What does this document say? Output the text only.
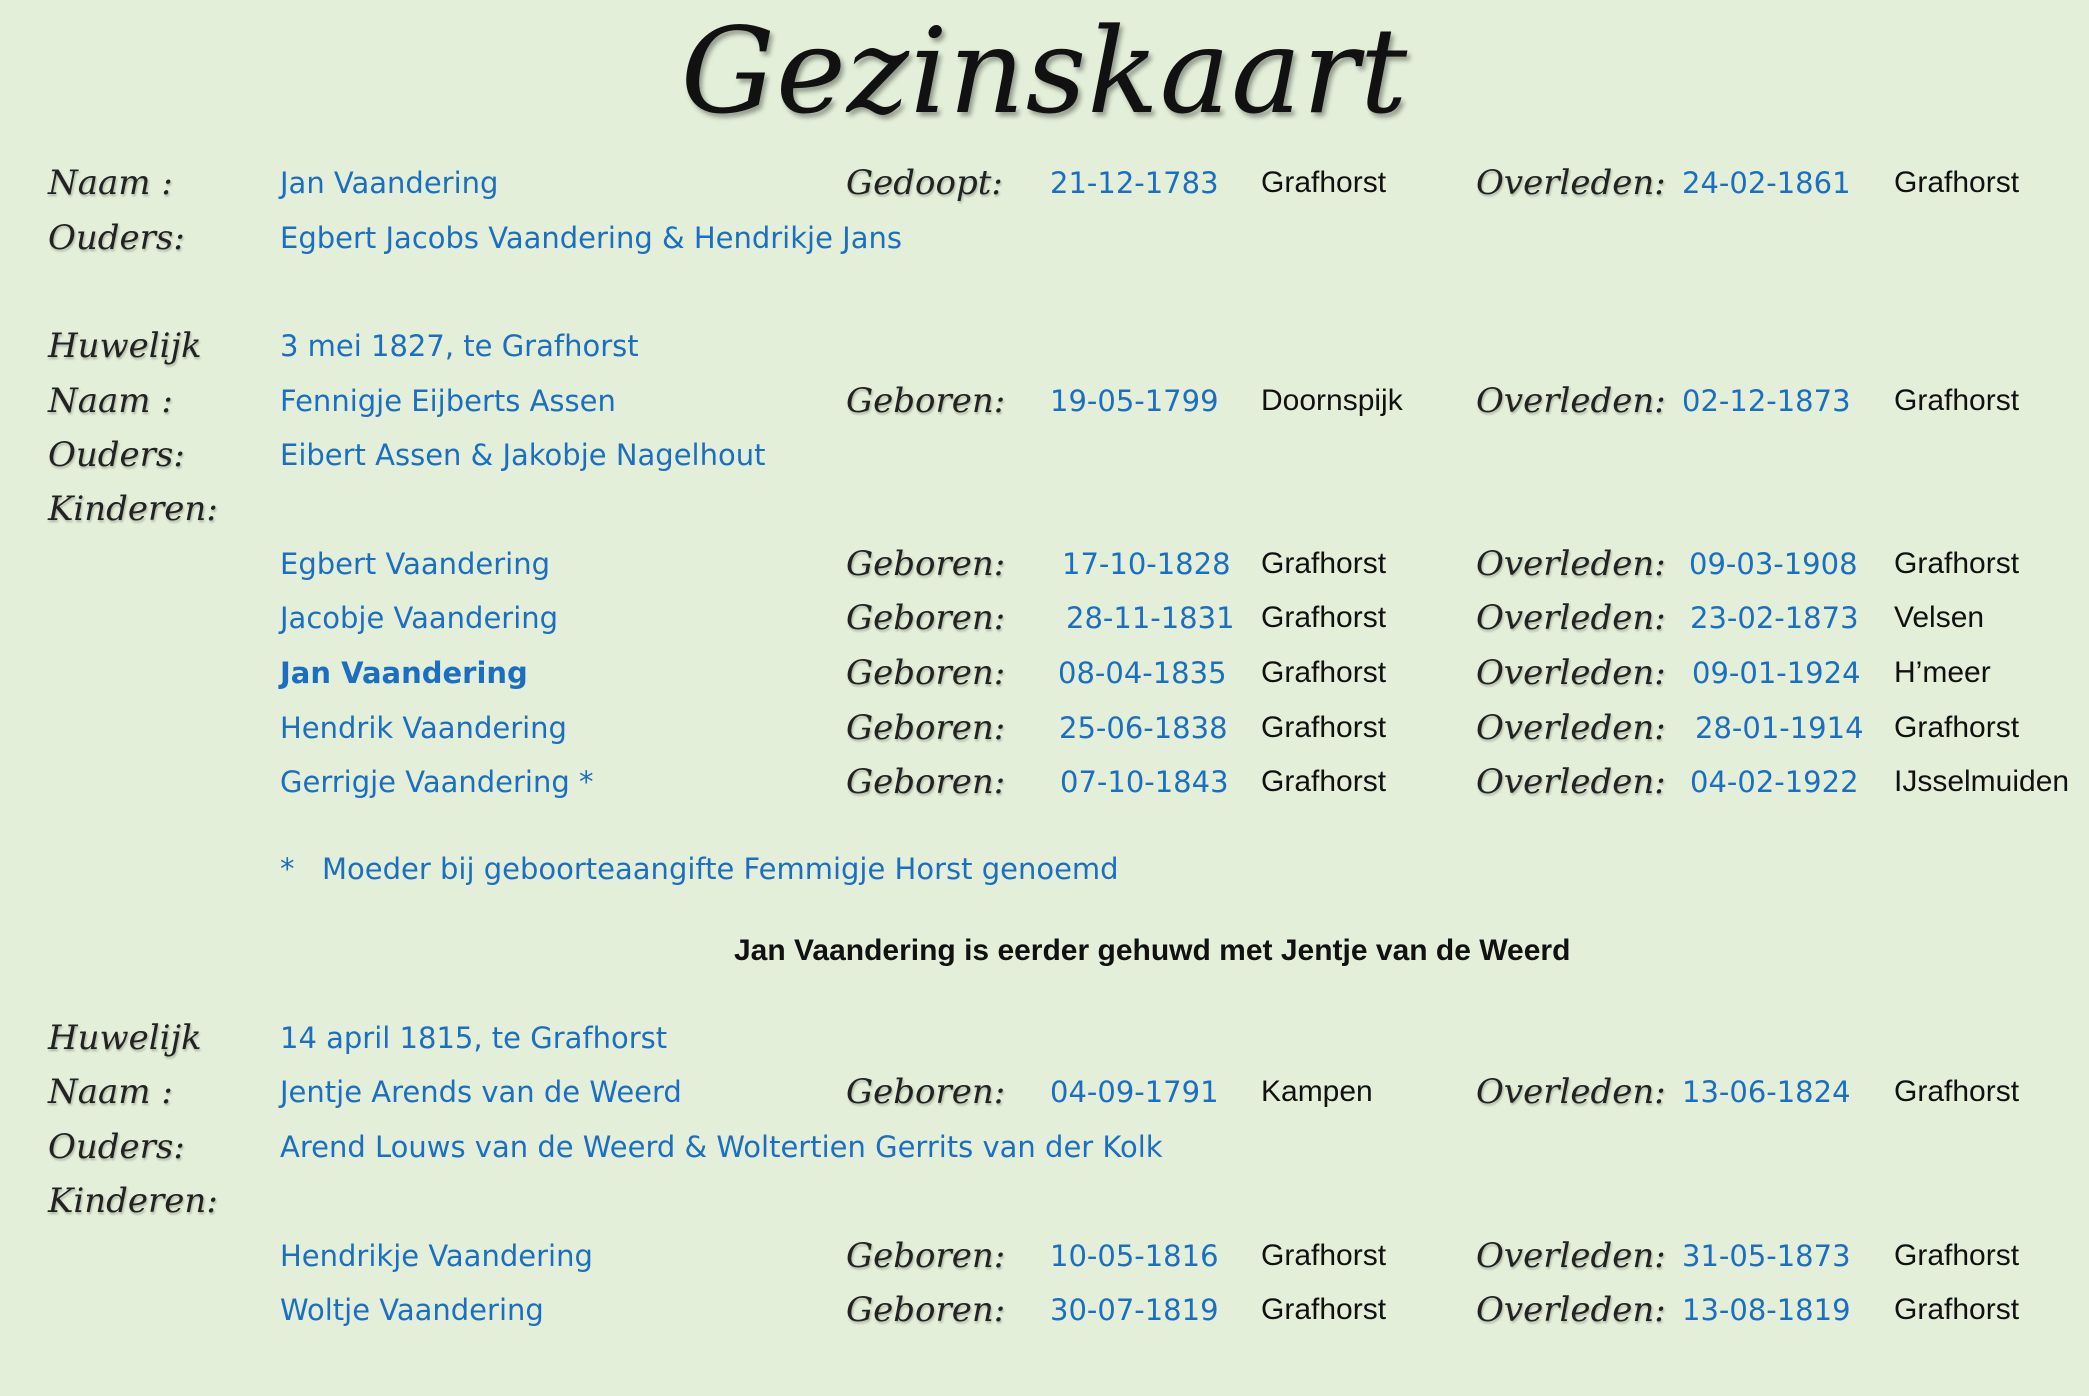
Gezinskaart
Naam :	Jan Vaandering	Gedoopt: 21-12-1783 Grafhorst	Overleden: 24-02-1861 Grafhorst
Ouders:	Egbert Jacobs Vaandering & Hendrikje Jans
Huwelijk	3 mei 1827, te Grafhorst
Naam :	Fennigje Eijberts Assen	Geboren: 19-05-1799 Doornspijk Overleden: 02-12-1873 Grafhorst
Ouders:	Eibert Assen & Jakobje Nagelhout
Kinderen:
Egbert Vaandering	Geboren: 17-10-1828 Grafhorst	Overleden: 09-03-1908 Grafhorst
Jacobje Vaandering	Geboren: 28-11-1831 Grafhorst	Overleden: 23-02-1873 Velsen
Jan Vaandering	Geboren: 08-04-1835 Grafhorst	Overleden: 09-01-1924 H’meer
Hendrik Vaandering	Geboren: 25-06-1838 Grafhorst	Overleden: 28-01-1914 Grafhorst
Gerrigje Vaandering *	Geboren: 07-10-1843 Grafhorst	Overleden: 04-02-1922 IJsselmuiden
* Moeder bij geboorteaangifte Femmigje Horst genoemd
Jan Vaandering is eerder gehuwd met Jentje van de Weerd
Huwelijk	14 april 1815, te Grafhorst
Naam :	Jentje Arends van de Weerd	Geboren: 04-09-1791 Kampen	Overleden: 13-06-1824 Grafhorst
Ouders:	Arend Louws van de Weerd & Woltertien Gerrits van der Kolk
Kinderen:
Hendrikje Vaandering	Geboren: 10-05-1816 Grafhorst	Overleden: 31-05-1873 Grafhorst
Woltje Vaandering	Geboren: 30-07-1819 Grafhorst	Overleden: 13-08-1819 Grafhorst
